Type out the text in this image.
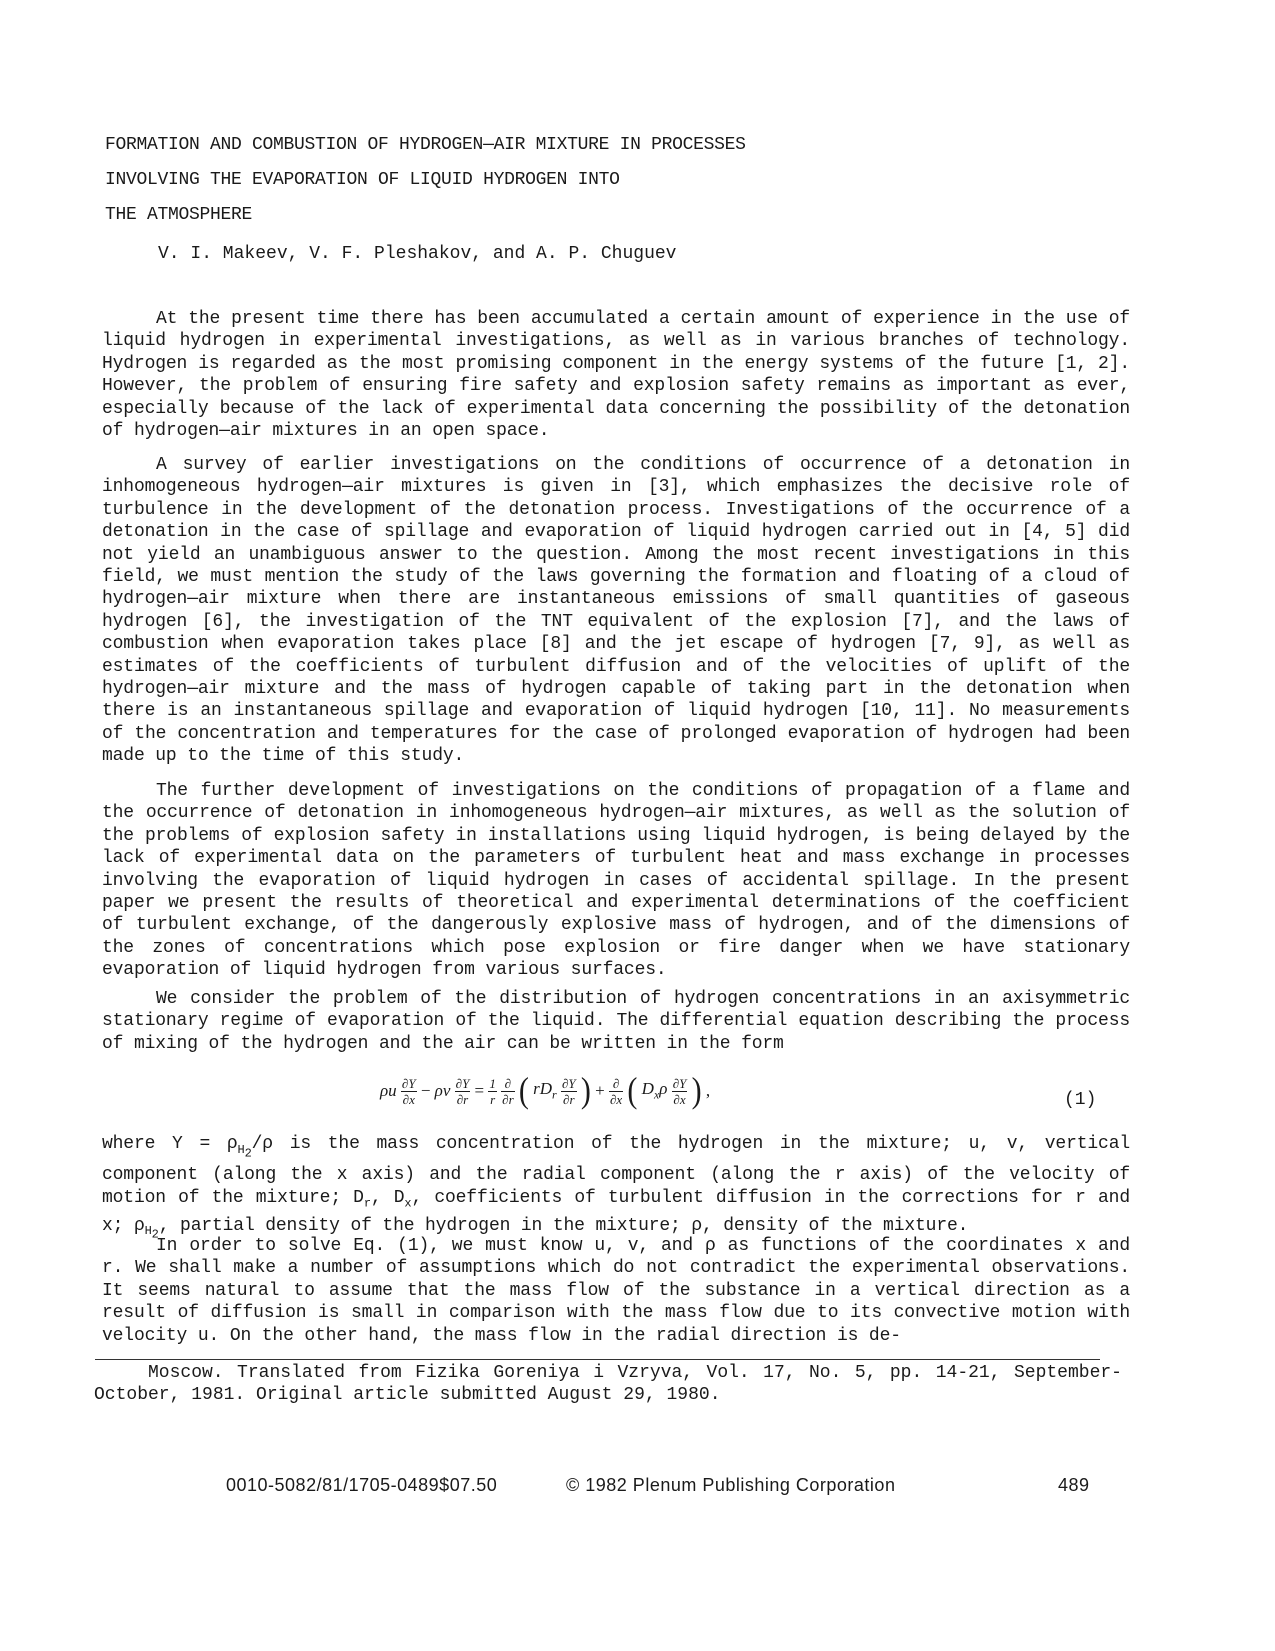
FORMATION AND COMBUSTION OF HYDROGEN—AIR MIXTURE IN PROCESSES
INVOLVING THE EVAPORATION OF LIQUID HYDROGEN INTO
THE ATMOSPHERE
V. I. Makeev, V. F. Pleshakov, and A. P. Chuguev

At the present time there has been accumulated a certain amount of experience in the use of liquid hydrogen in experimental investigations, as well as in various branches of technology. Hydrogen is regarded as the most promising component in the energy systems of the future [1, 2]. However, the problem of ensuring fire safety and explosion safety remains as important as ever, especially because of the lack of experimental data concerning the possibility of the detonation of hydrogen—air mixtures in an open space.

A survey of earlier investigations on the conditions of occurrence of a detonation in inhomogeneous hydrogen—air mixtures is given in [3], which emphasizes the decisive role of turbulence in the development of the detonation process. Investigations of the occurrence of a detonation in the case of spillage and evaporation of liquid hydrogen carried out in [4, 5] did not yield an unambiguous answer to the question. Among the most recent investigations in this field, we must mention the study of the laws governing the formation and floating of a cloud of hydrogen—air mixture when there are instantaneous emissions of small quantities of gaseous hydrogen [6], the investigation of the TNT equivalent of the explosion [7], and the laws of combustion when evaporation takes place [8] and the jet escape of hydrogen [7, 9], as well as estimates of the coefficients of turbulent diffusion and of the velocities of uplift of the hydrogen—air mixture and the mass of hydrogen capable of taking part in the detonation when there is an instantaneous spillage and evaporation of liquid hydrogen [10, 11]. No measurements of the concentration and temperatures for the case of prolonged evaporation of hydrogen had been made up to the time of this study.

The further development of investigations on the conditions of propagation of a flame and the occurrence of detonation in inhomogeneous hydrogen—air mixtures, as well as the solution of the problems of explosion safety in installations using liquid hydrogen, is being delayed by the lack of experimental data on the parameters of turbulent heat and mass exchange in processes involving the evaporation of liquid hydrogen in cases of accidental spillage. In the present paper we present the results of theoretical and experimental determinations of the coefficient of turbulent exchange, of the dangerously explosive mass of hydrogen, and of the dimensions of the zones of concentrations which pose explosion or fire danger when we have stationary evaporation of liquid hydrogen from various surfaces.

We consider the problem of the distribution of hydrogen concentrations in an axisymmetric stationary regime of evaporation of the liquid. The differential equation describing the process of mixing of the hydrogen and the air can be written in the form

ρu $\frac{\partial Y}{\partial x} - \rho v \frac{\partial Y}{\partial r} = \frac{1}{r}$
$\frac{\partial}{\partial r}$ ( $rD_r \frac{\partial Y}{\partial r}$ ) + $\frac{\partial}{\partial x}$ ( $D_x\rho \frac{\partial Y}{\partial x}$ ) ,	(1)

where $Y = \rho_{H_2}/\rho$ is the mass concentration of the hydrogen in the mixture; u, v, vertical component (along the x axis) and the radial component (along the r axis) of the velocity of motion of the mixture; $D_r$, $D_x$, coefficients of turbulent diffusion in the corrections for r and x; $\rho_{H_2}$, partial density of the hydrogen in the mixture; ρ, density of the mixture.

In order to solve Eq. (1), we must know u, v, and ρ as functions of the coordinates x and r. We shall make a number of assumptions which do not contradict the experimental observations. It seems natural to assume that the mass flow of the substance in a vertical direction as a result of diffusion is small in comparison with the mass flow due to its convective motion with velocity u. On the other hand, the mass flow in the radial direction is de-

Moscow. Translated from Fizika Goreniya i Vzryva, Vol. 17, No. 5, pp. 14-21, September-October, 1981. Original article submitted August 29, 1980.

0010-5082/81/1705-0489$07.50	© 1982 Plenum Publishing Corporation	489
